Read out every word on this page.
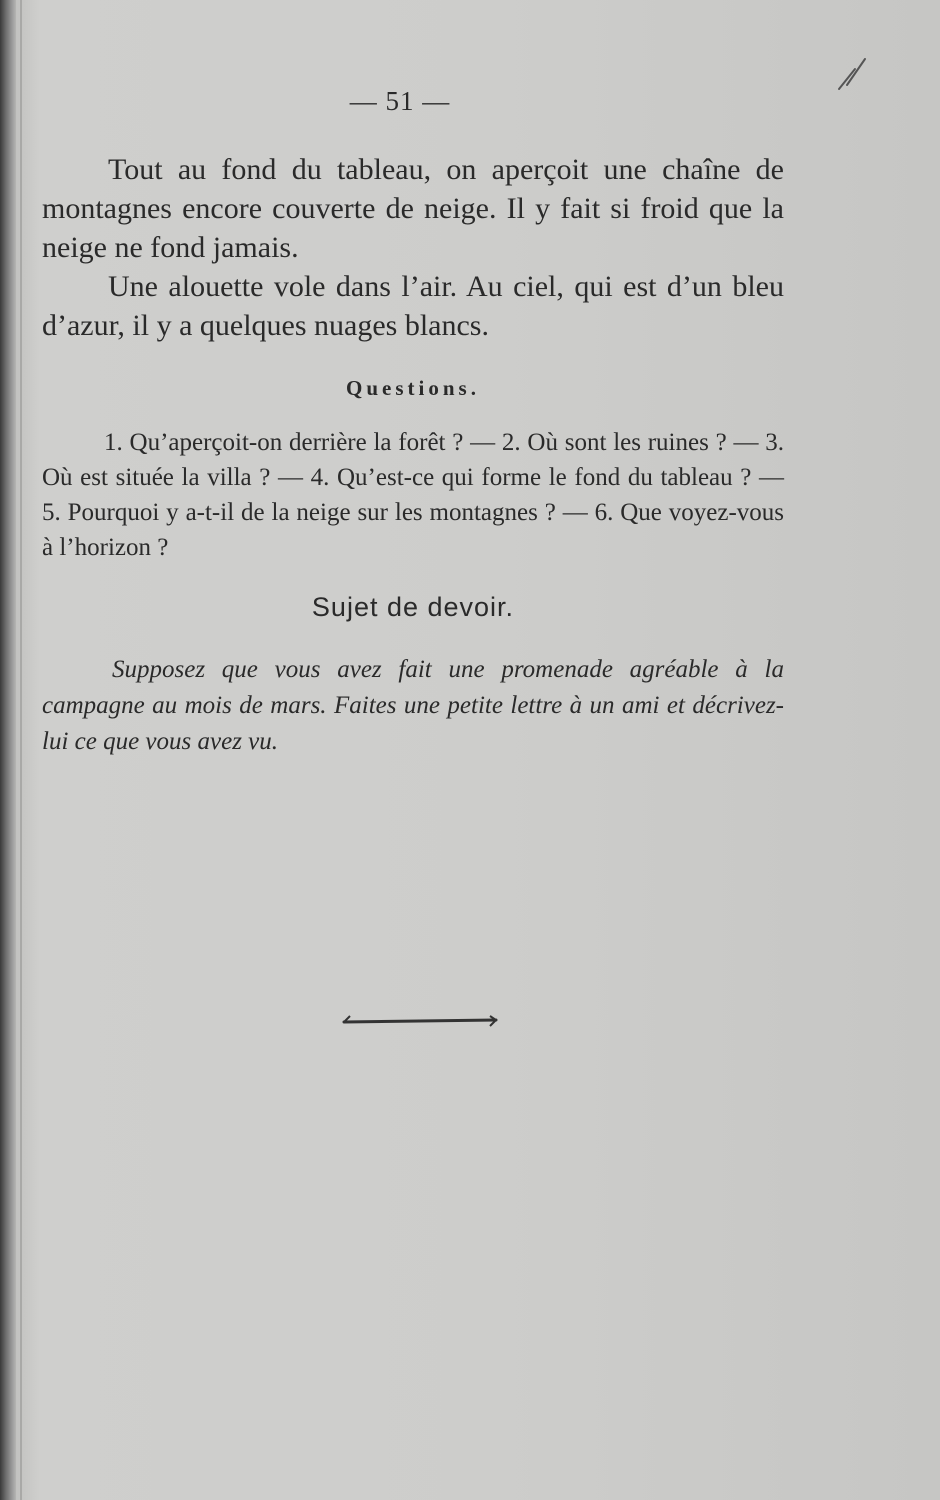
— 51 —

Tout au fond du tableau, on aperçoit une chaîne de montagnes encore couverte de neige. Il y fait si froid que la neige ne fond jamais.

Une alouette vole dans l’air. Au ciel, qui est d’un bleu d’azur, il y a quelques nuages blancs.

Questions.
1. Qu’aperçoit-on derrière la forêt ? — 2. Où sont les ruines ? — 3. Où est située la villa ? — 4. Qu’est-ce qui forme le fond du tableau ? — 5. Pourquoi y a-t-il de la neige sur les montagnes ? — 6. Que voyez-vous à l’horizon ?
Sujet de devoir.
Supposez que vous avez fait une promenade agréable à la campagne au mois de mars. Faites une petite lettre à un ami et décrivez-lui ce que vous avez vu.
